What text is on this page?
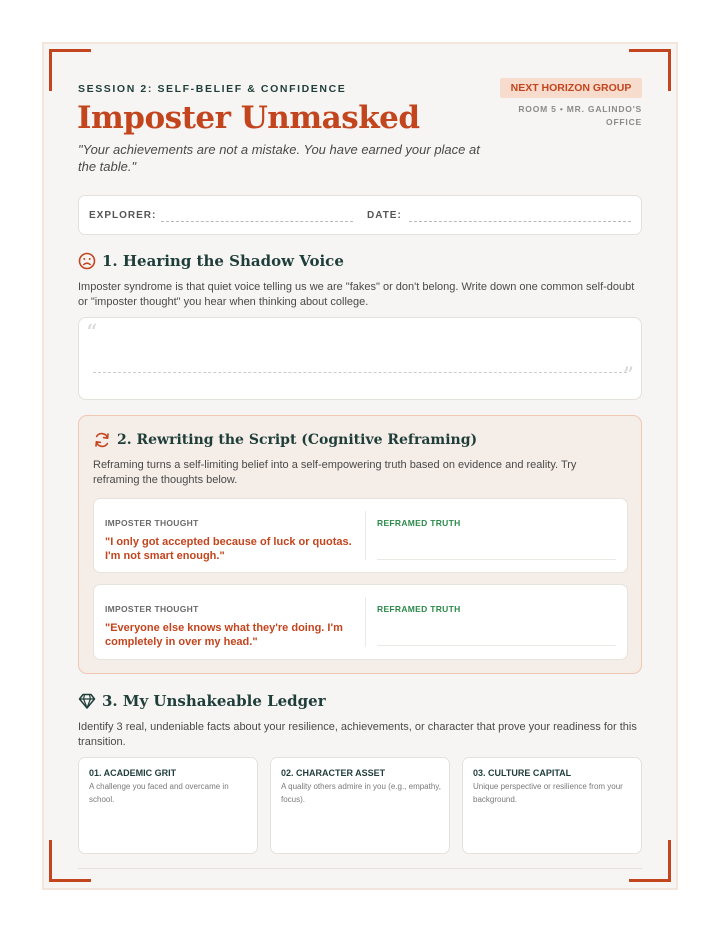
SESSION 2: SELF-BELIEF & CONFIDENCE
Imposter Unmasked
"Your achievements are not a mistake. You have earned your place at the table."
NEXT HORIZON GROUP
ROOM 5 • MR. GALINDO'S OFFICE
EXPLORER:	DATE:
1. Hearing the Shadow Voice
Imposter syndrome is that quiet voice telling us we are "fakes" or don't belong. Write down one common self-doubt or "imposter thought" you hear when thinking about college.
“
”
2. Rewriting the Script (Cognitive Reframing)
Reframing turns a self-limiting belief into a self-empowering truth based on evidence and reality. Try reframing the thoughts below.
IMPOSTER THOUGHT
"I only got accepted because of luck or quotas. I'm not smart enough."
REFRAMED TRUTH
IMPOSTER THOUGHT
"Everyone else knows what they're doing. I'm completely in over my head."
REFRAMED TRUTH
3. My Unshakeable Ledger
Identify 3 real, undeniable facts about your resilience, achievements, or character that prove your readiness for this transition.
01. ACADEMIC GRIT
A challenge you faced and overcame in school.
02. CHARACTER ASSET
A quality others admire in you (e.g., empathy, focus).
03. CULTURE CAPITAL
Unique perspective or resilience from your background.
